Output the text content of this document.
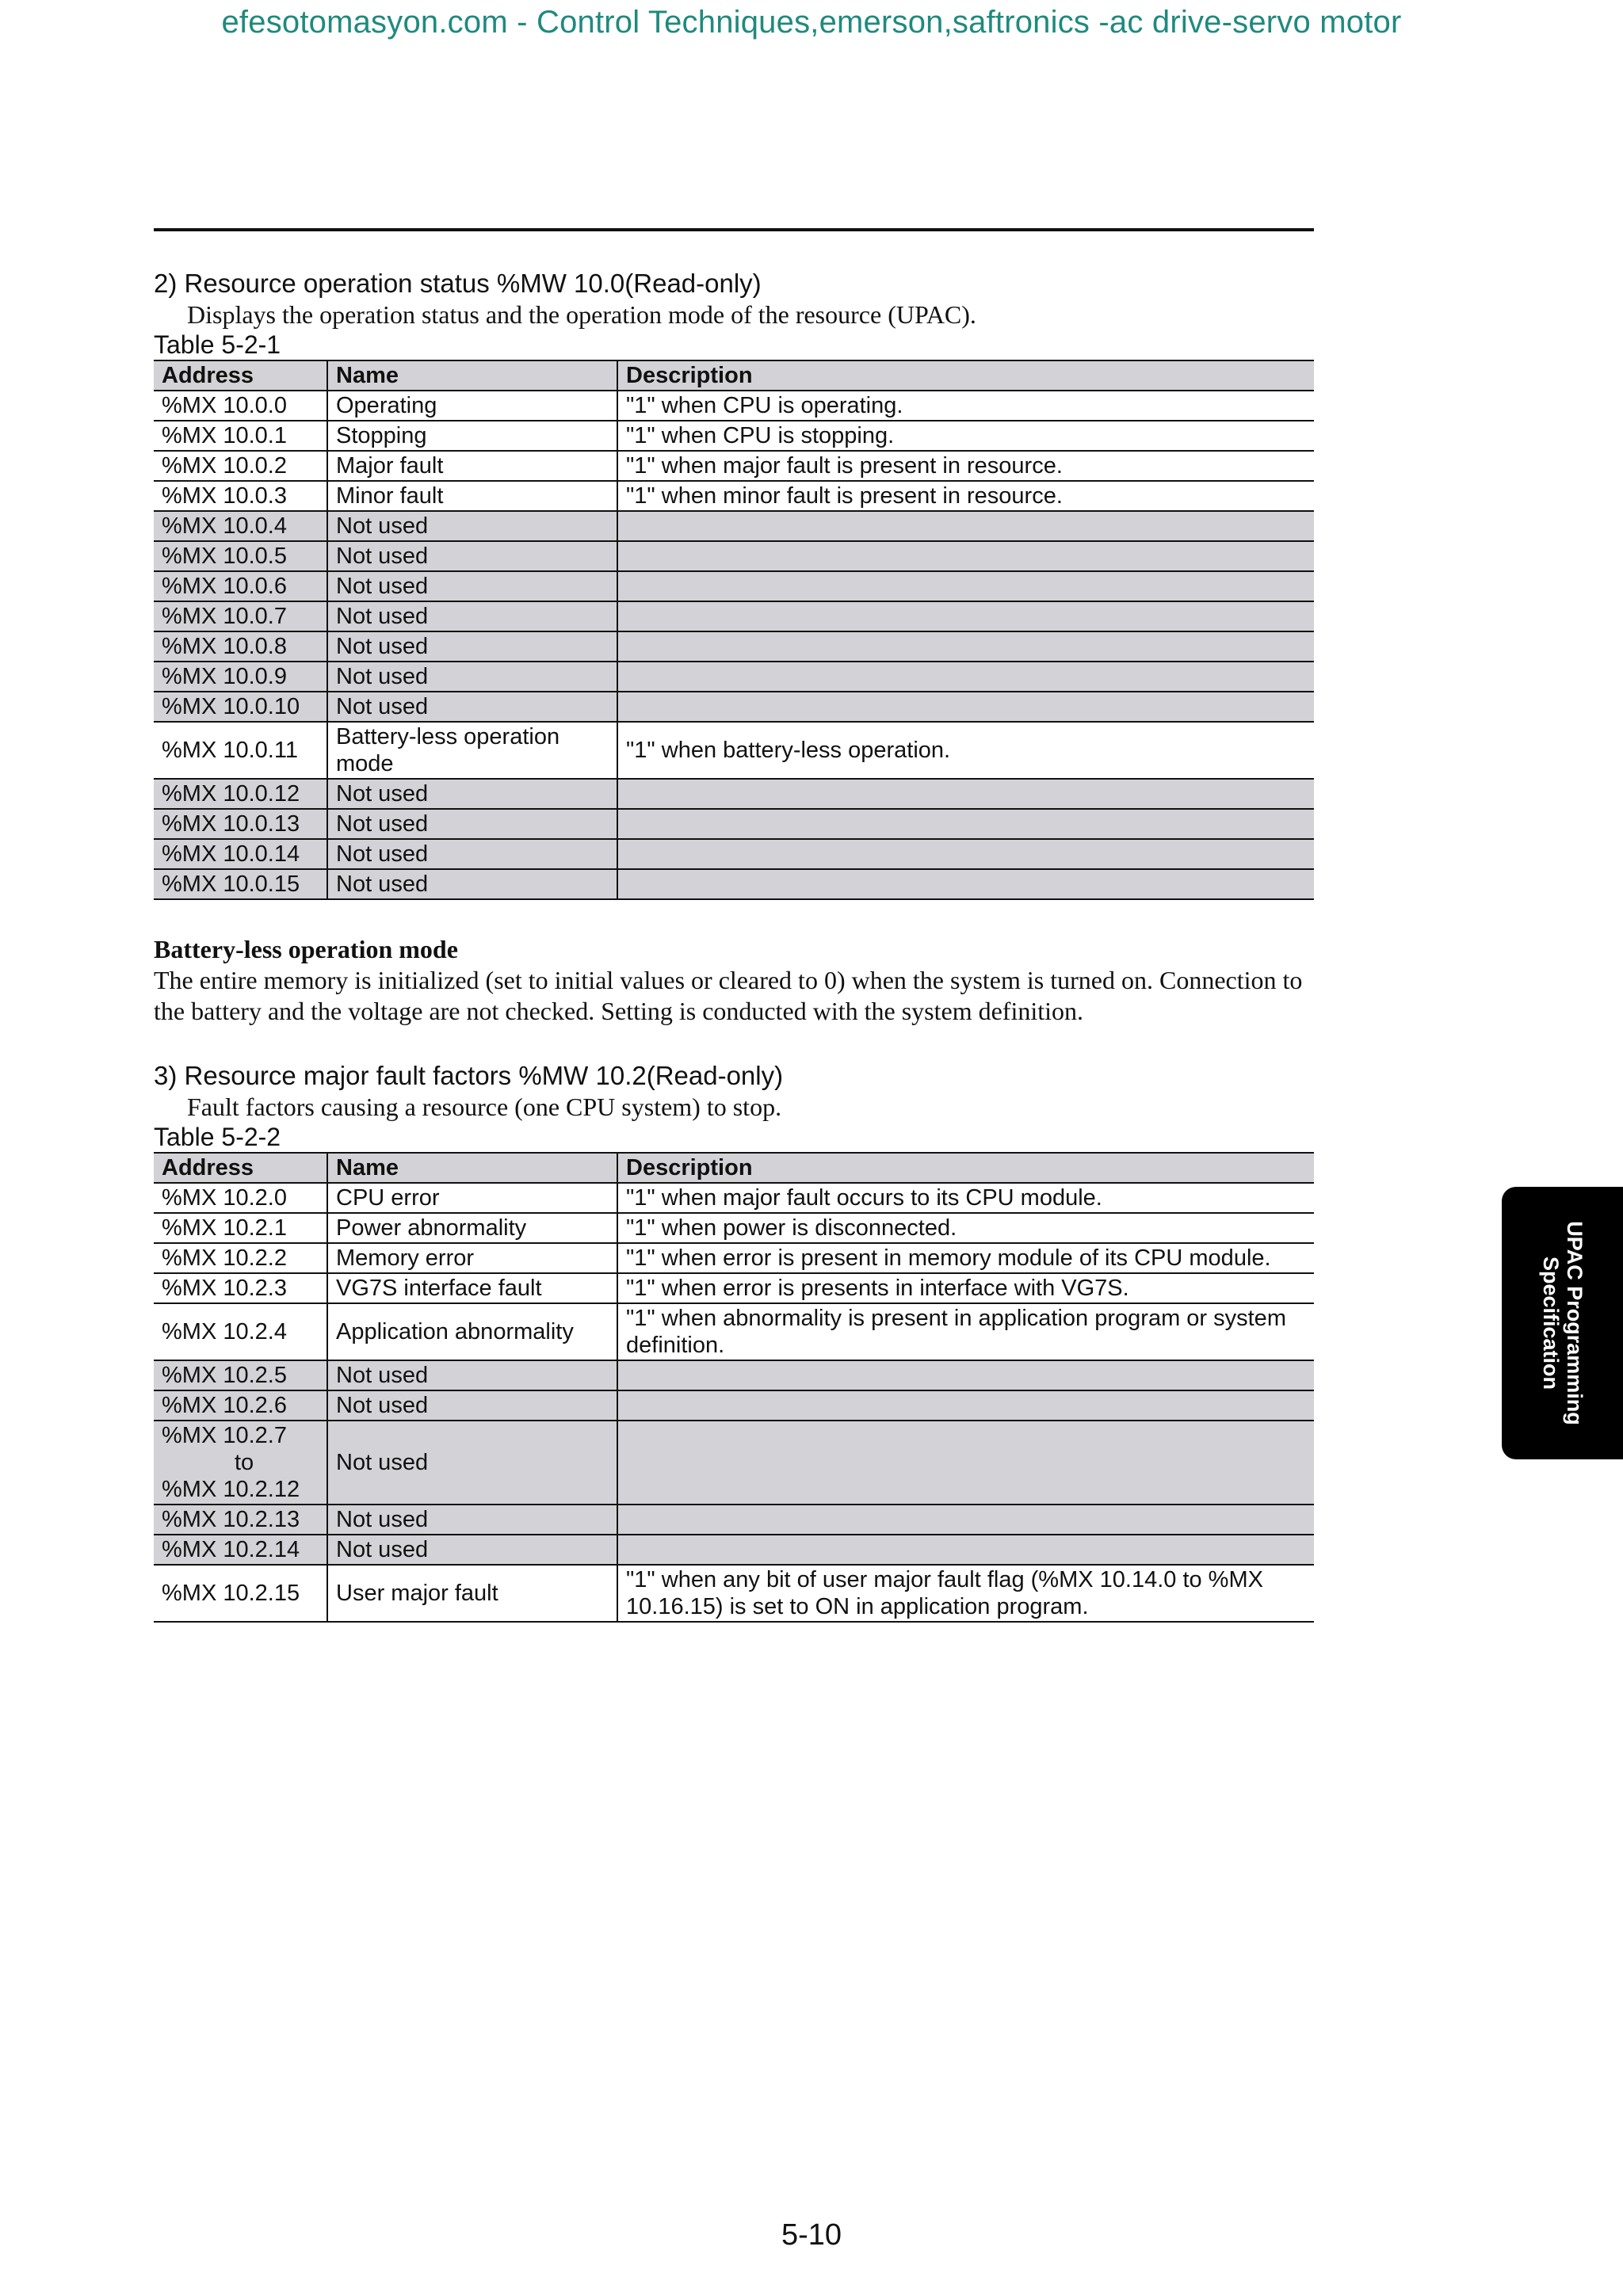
efesotomasyon.com - Control Techniques,emerson,saftronics -ac drive-servo motor

2) Resource operation status %MW 10.0(Read-only)

Displays the operation status and the operation mode of the resource (UPAC).

Table 5-2-1

Address	Name	Description
%MX 10.0.0	Operating	"1" when CPU is operating.
%MX 10.0.1	Stopping	"1" when CPU is stopping.
%MX 10.0.2	Major fault	"1" when major fault is present in resource.
%MX 10.0.3	Minor fault	"1" when minor fault is present in resource.
%MX 10.0.4	Not used	
%MX 10.0.5	Not used	
%MX 10.0.6	Not used	
%MX 10.0.7	Not used	
%MX 10.0.8	Not used	
%MX 10.0.9	Not used	
%MX 10.0.10	Not used	
%MX 10.0.11	Battery-less operation mode	"1" when battery-less operation.
%MX 10.0.12	Not used	
%MX 10.0.13	Not used	
%MX 10.0.14	Not used	
%MX 10.0.15	Not used	

Battery-less operation mode

The entire memory is initialized (set to initial values or cleared to 0) when the system is turned on. Connection to the battery and the voltage are not checked. Setting is conducted with the system definition.

3) Resource major fault factors %MW 10.2(Read-only)

Fault factors causing a resource (one CPU system) to stop.

Table 5-2-2

Address	Name	Description
%MX 10.2.0	CPU error	"1" when major fault occurs to its CPU module.
%MX 10.2.1	Power abnormality	"1" when power is disconnected.
%MX 10.2.2	Memory error	"1" when error is present in memory module of its CPU module.
%MX 10.2.3	VG7S interface fault	"1" when error is presents in interface with VG7S.
%MX 10.2.4	Application abnormality	"1" when abnormality is present in application program or system definition.
%MX 10.2.5	Not used	
%MX 10.2.6	Not used	

%MX 10.2.7
to
%MX 10.2.12	Not used	
%MX 10.2.13	Not used	
%MX 10.2.14	Not used	
%MX 10.2.15	User major fault	"1" when any bit of user major fault flag (%MX 10.14.0 to %MX 10.16.15) is set to ON in application program.
UPAC Programming
Specification
5-10
